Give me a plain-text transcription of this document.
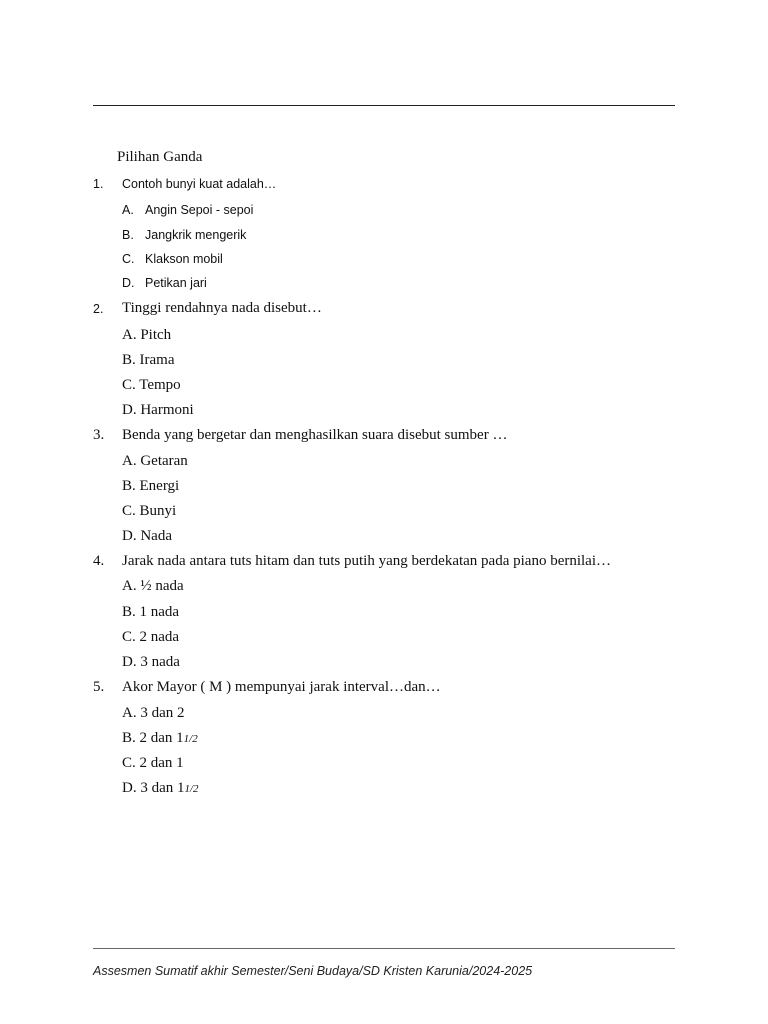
Pilihan Ganda
1. Contoh bunyi kuat adalah…
A. Angin Sepoi - sepoi
B. Jangkrik mengerik
C. Klakson mobil
D. Petikan jari
2. Tinggi rendahnya nada disebut…
A. Pitch
B. Irama
C. Tempo
D. Harmoni
3. Benda yang bergetar dan menghasilkan suara disebut sumber …
A. Getaran
B. Energi
C. Bunyi
D. Nada
4. Jarak nada antara tuts hitam dan tuts putih yang berdekatan pada piano bernilai…
A. ½ nada
B. 1 nada
C. 2 nada
D. 3 nada
5. Akor Mayor ( M ) mempunyai jarak interval…dan…
A. 3 dan 2
B. 2 dan 11/2
C. 2 dan 1
D. 3 dan 11/2
Assesmen Sumatif akhir Semester/Seni Budaya/SD Kristen Karunia/2024-2025
